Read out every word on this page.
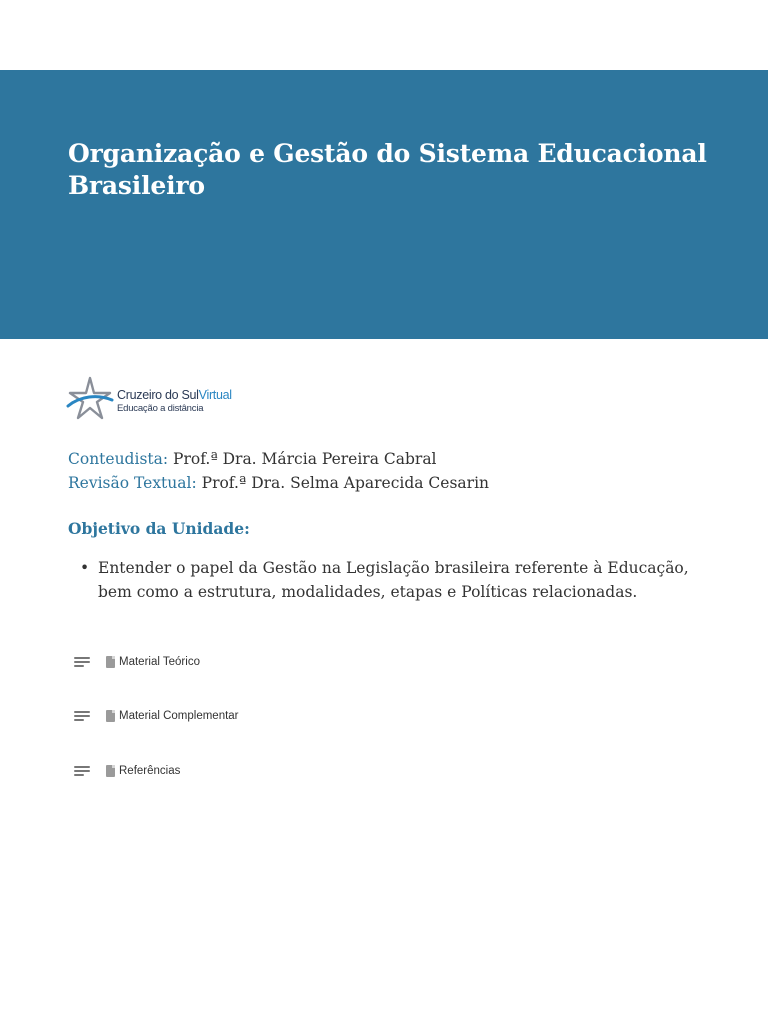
Organização e Gestão do Sistema Educacional Brasileiro
Cruzeiro do SulVirtual
Educação a distância
Conteudista: Prof.ª Dra. Márcia Pereira Cabral
Revisão Textual: Prof.ª Dra. Selma Aparecida Cesarin
Objetivo da Unidade:
• Entender o papel da Gestão na Legislação brasileira referente à Educação, bem como a estrutura, modalidades, etapas e Políticas relacionadas.
Material Teórico
Material Complementar
Referências
